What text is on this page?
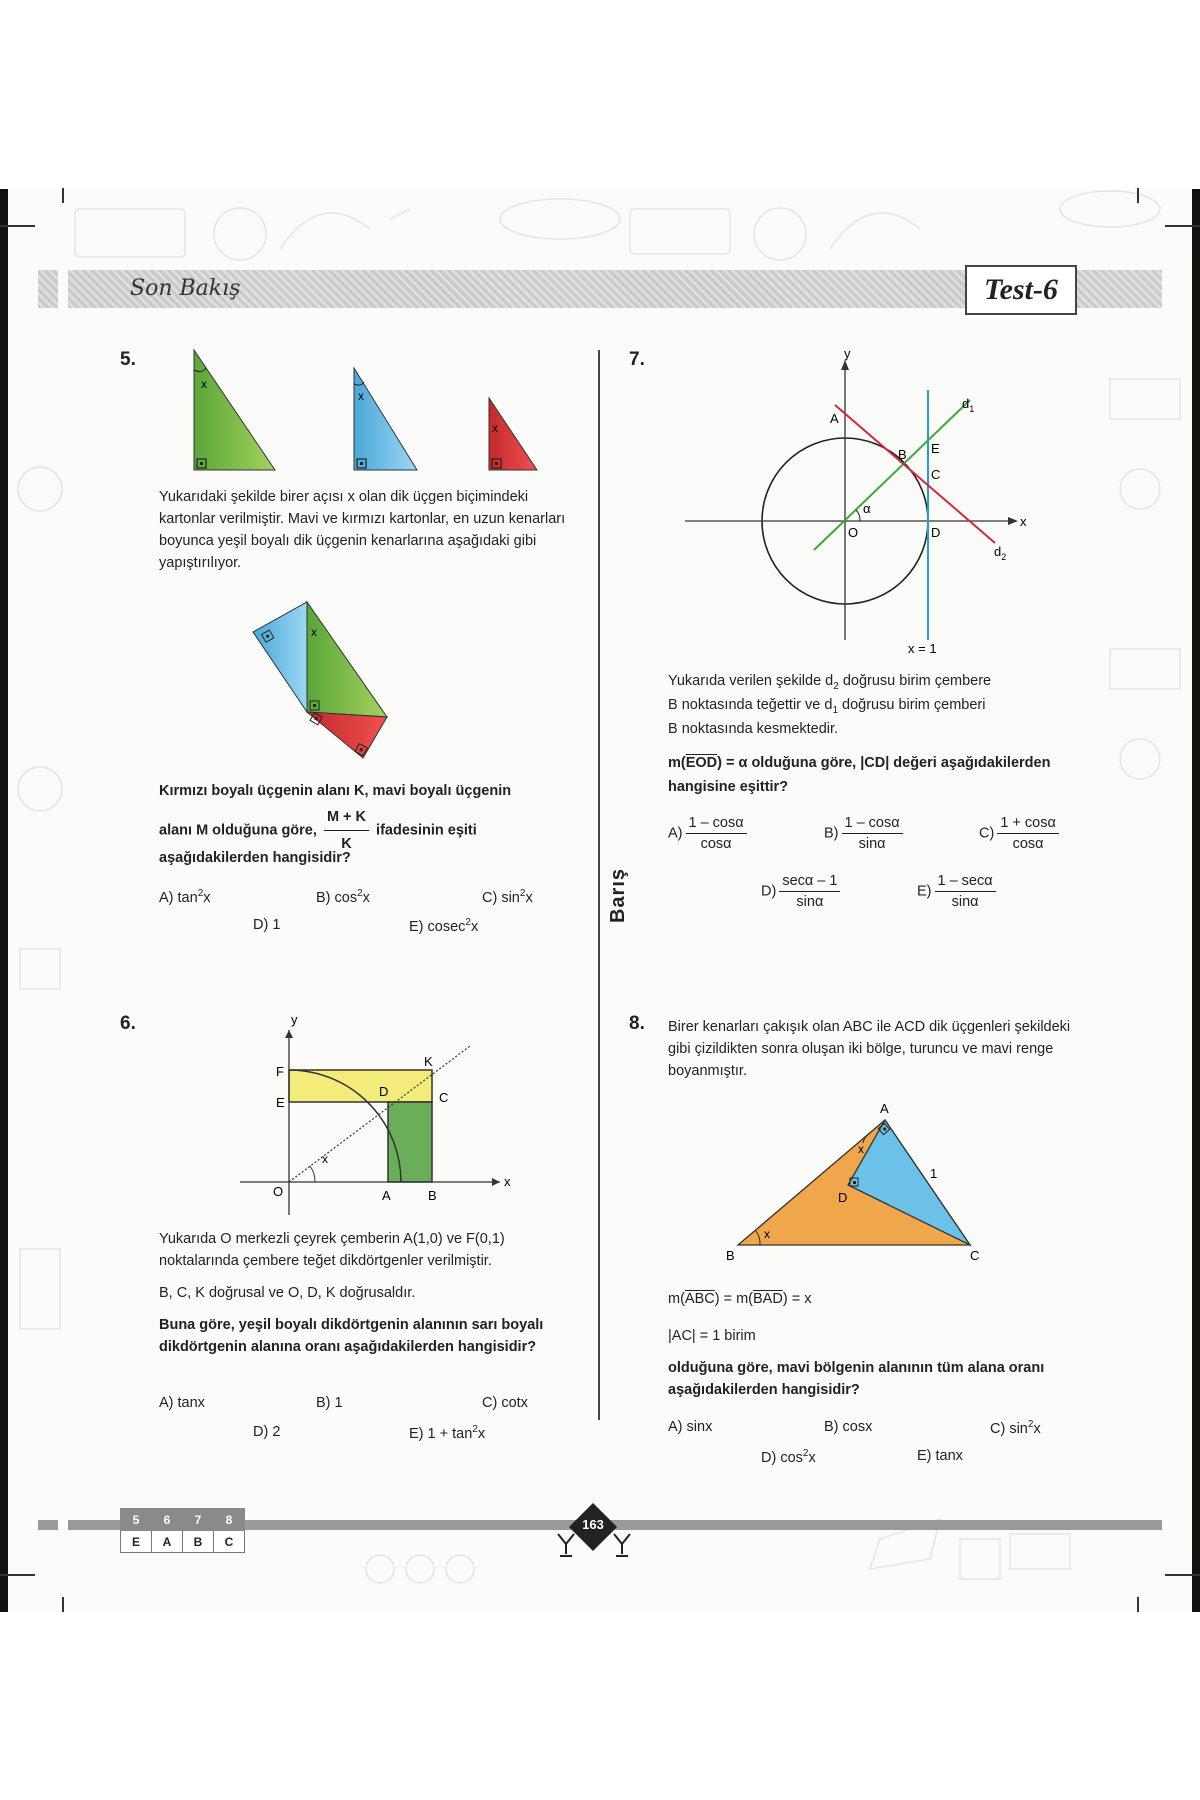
Son Bakış	Test-6
Barış
5.
x
x
x
Yukarıdaki şekilde birer açısı x olan dik üçgen biçimindeki kartonlar verilmiştir. Mavi ve kırmızı kartonlar, en uzun kenarları boyunca yeşil boyalı dik üçgenin kenarlarına aşağıdaki gibi yapıştırılıyor.
x
Kırmızı boyalı üçgenin alanı K, mavi boyalı üçgenin
alanı M olduğuna göre, $\frac{M + K}{K}$ ifadesinin eşiti
aşağıdakilerden hangisidir?
A) $\tan^2x$	B) $\cos^2x$	C) $\sin^2x$
D) 1	E) cosec$^2$x
6.	y
x
F
E
D
K
C
O	A	B
x
Yukarıda O merkezli çeyrek çemberin A(1,0) ve F(0,1) noktalarında çembere teğet dikdörtgenler verilmiştir.
B, C, K doğrusal ve O, D, K doğrusaldır.
Buna göre, yeşil boyalı dikdörtgenin alanının sarı boyalı dikdörtgenin alanına oranı aşağıdakilerden hangisidir?
A) tanx	B) 1	C) cotx
D) 2	E) $1 + \tan^2x$
7.	y
x
A
B E
C
O	D
α
$d_1$
$d_2$
x = 1
Yukarıda verilen şekilde $d_2$ doğrusu birim çembere
B noktasında teğettir ve $d_1$ doğrusu birim çemberi
B noktasında kesmektedir.
$m(\overline{EOD}) = \alpha$ olduğuna göre, |CD| değeri aşağıdakilerden
hangisine eşittir?
$A) \frac{1 - \cos\alpha}{\cos\alpha}$	$B) \frac{1 - \cos\alpha}{\sin\alpha}$	$C) \frac{1 + \cos\alpha}{\cos\alpha}$
$D) \frac{\sec\alpha - 1}{\sin\alpha}$	$E) \frac{1 - \sec\alpha}{\sin\alpha}$
8. Birer kenarları çakışık olan ABC ile ACD dik üçgenleri şekildeki gibi çizildikten sonra oluşan iki bölge, turuncu ve mavi renge boyanmıştır.
A
B	C
D
x
x
1
$m(\overline{ABC}) = m(\overline{BAD}) = x$
|AC| = 1 birim
olduğuna göre, mavi bölgenin alanının tüm alana oranı aşağıdakilerden hangisidir?
A) sinx	B) cosx	C) $\sin^2x$
D) $\cos^2x$	E) tanx
5	6	7	8
E	A	B	C
163
